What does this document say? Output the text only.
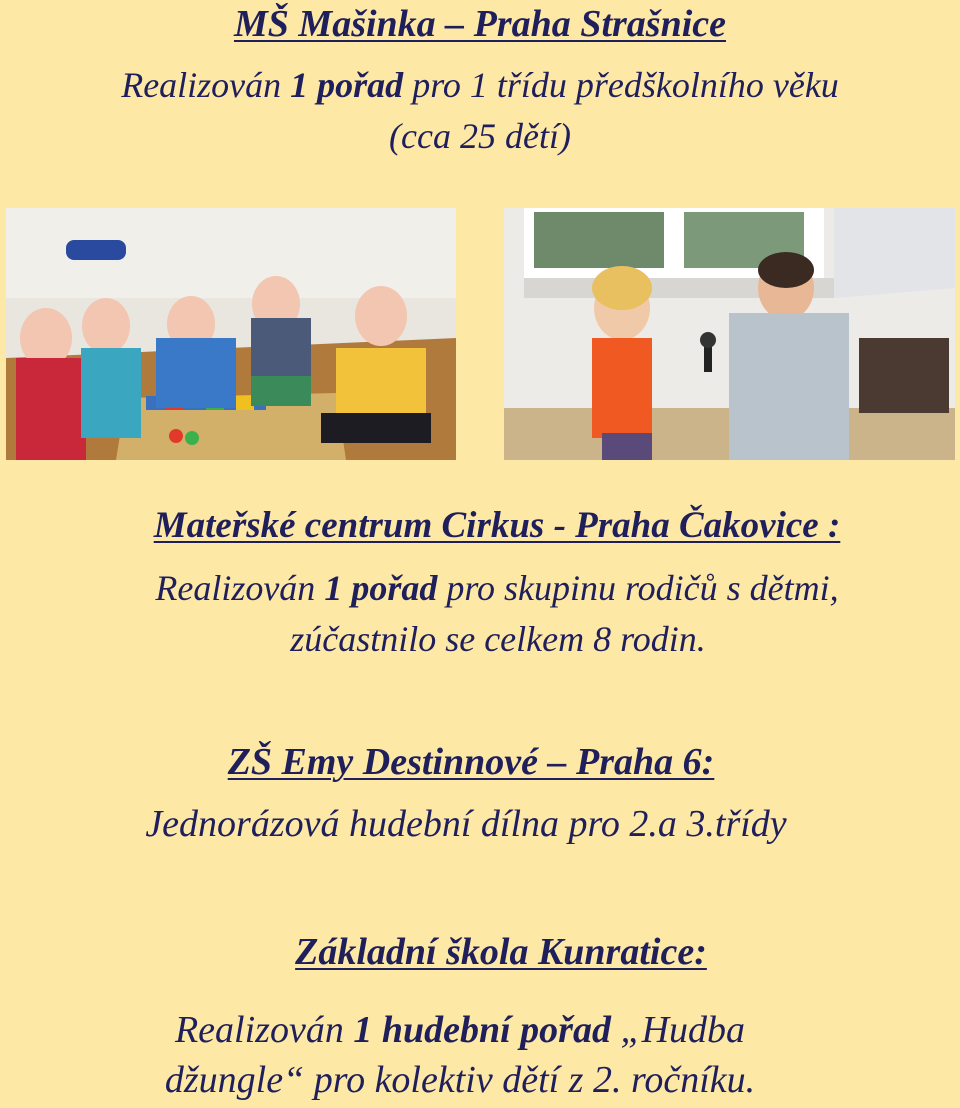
MŠ Mašinka – Praha Strašnice
Realizován 1 pořad pro 1 třídu předškolního věku
(cca 25 dětí)
Mateřské centrum Cirkus - Praha Čakovice :
Realizován 1 pořad pro skupinu rodičů s dětmi,
zúčastnilo se celkem 8 rodin.
ZŠ Emy Destinnové – Praha 6:
Jednorázová hudební dílna pro 2.a 3.třídy
Základní škola Kunratice:
Realizován 1 hudební pořad „Hudba
džungle“ pro kolektiv dětí z 2. ročníku.
